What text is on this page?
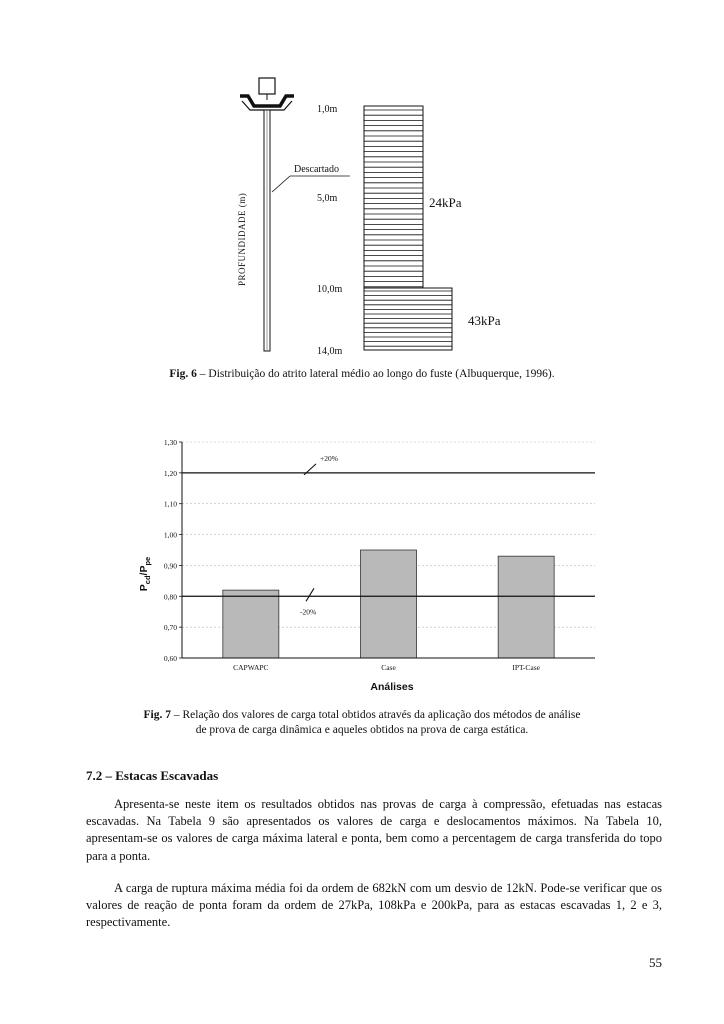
PROFUNDIDADE (m)
Descartado
1,0m
5,0m
10,0m
14,0m
24kPa
43kPa
Fig. 6 – Distribuição do atrito lateral médio ao longo do fuste (Albuquerque, 1996).
0,60
0,70
0,80
0,90
1,00
1,10
1,20
1,30
+20%
-20%
CAPWAPC	Case	IPT-Case
Análises
$P_{cd}/P_{pe}$
Fig. 7 – Relação dos valores de carga total obtidos através da aplicação dos métodos de análise
de prova de carga dinâmica e aqueles obtidos na prova de carga estática.
7.2 – Estacas Escavadas

Apresenta-se neste item os resultados obtidos nas provas de carga à compressão, efetuadas nas estacas escavadas. Na Tabela 9 são apresentados os valores de carga e deslocamentos máximos. Na Tabela 10, apresentam-se os valores de carga máxima lateral e ponta, bem como a percentagem de carga transferida do topo para a ponta.

A carga de ruptura máxima média foi da ordem de 682kN com um desvio de 12kN. Pode-se verificar que os valores de reação de ponta foram da ordem de 27kPa, 108kPa e 200kPa, para as estacas escavadas 1, 2 e 3, respectivamente.

55
